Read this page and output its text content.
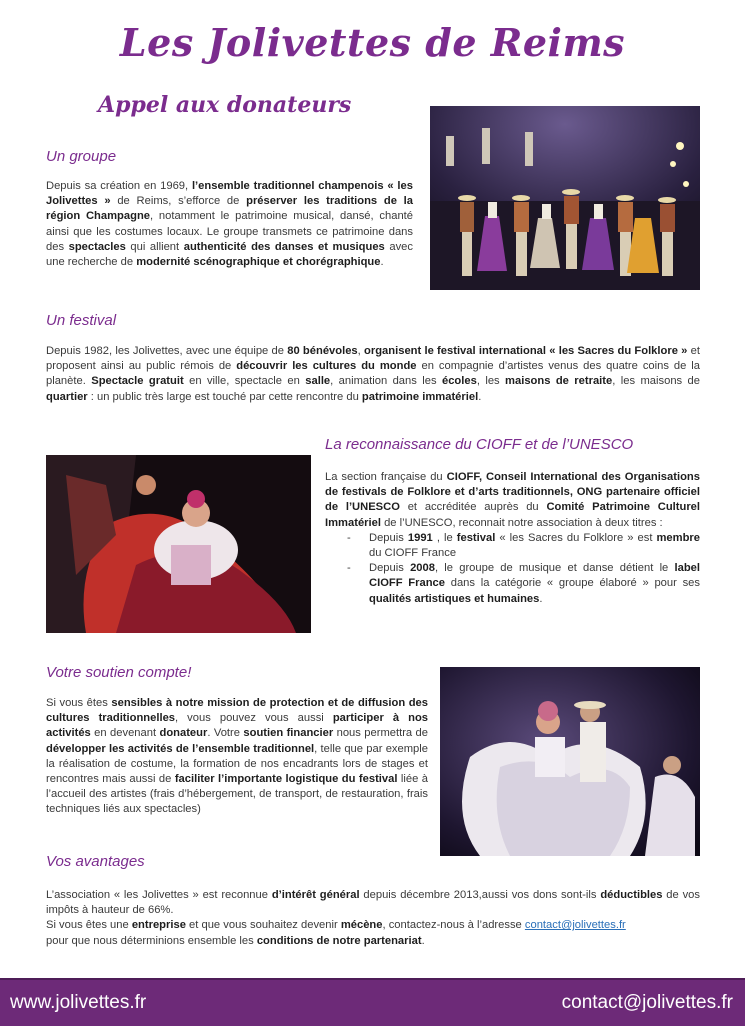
Les Jolivettes de Reims
Appel aux donateurs
Un groupe
Depuis sa création en 1969, l’ensemble traditionnel champenois « les Jolivettes » de Reims, s’efforce de préserver les traditions de la région Champagne, notamment le patrimoine musical, dansé, chanté ainsi que les costumes locaux. Le groupe transmets ce patrimoine dans des spectacles qui allient authenticité des danses et musiques avec une recherche de modernité scénographique et chorégraphique.
Un festival
Depuis 1982, les Jolivettes, avec une équipe de 80 bénévoles, organisent le festival international « les Sacres du Folklore » et proposent ainsi au public rémois de découvrir les cultures du monde en compagnie d’artistes venus des quatre coins de la planète. Spectacle gratuit en ville, spectacle en salle, animation dans les écoles, les maisons de retraite, les maisons de quartier : un public très large est touché par cette rencontre du patrimoine immatériel.
La reconnaissance du CIOFF et de l’UNESCO
La section française du CIOFF, Conseil International des Organisations de festivals de Folklore et d’arts traditionnels, ONG partenaire officiel de l’UNESCO et accréditée auprès du Comité Patrimoine Culturel Immatériel de l’UNESCO, reconnait notre association à deux titres :
- Depuis 1991 , le festival « les Sacres du Folklore » est membre du CIOFF France
- Depuis 2008, le groupe de musique et danse détient le label CIOFF France dans la catégorie « groupe élaboré » pour ses qualités artistiques et humaines.
Votre soutien compte!
Si vous êtes sensibles à notre mission de protection et de diffusion des cultures traditionnelles, vous pouvez vous aussi participer à nos activités en devenant donateur. Votre soutien financier nous permettra de développer les activités de l’ensemble traditionnel, telle que par exemple la réalisation de costume, la formation de nos encadrants lors de stages et rencontres mais aussi de faciliter l’importante logistique du festival liée à l’accueil des artistes (frais d’hébergement, de transport, de restauration, frais techniques liés aux spectacles)
Vos avantages
L’association « les Jolivettes » est reconnue d’intérêt général depuis décembre 2013,aussi vos dons sont-ils déductibles de vos impôts à hauteur de 66%.
Si vous êtes une entreprise et que vous souhaitez devenir mécène, contactez-nous à l’adresse contact@jolivettes.fr
pour que nous déterminions ensemble les conditions de notre partenariat.
www.jolivettes.fr	contact@jolivettes.fr
